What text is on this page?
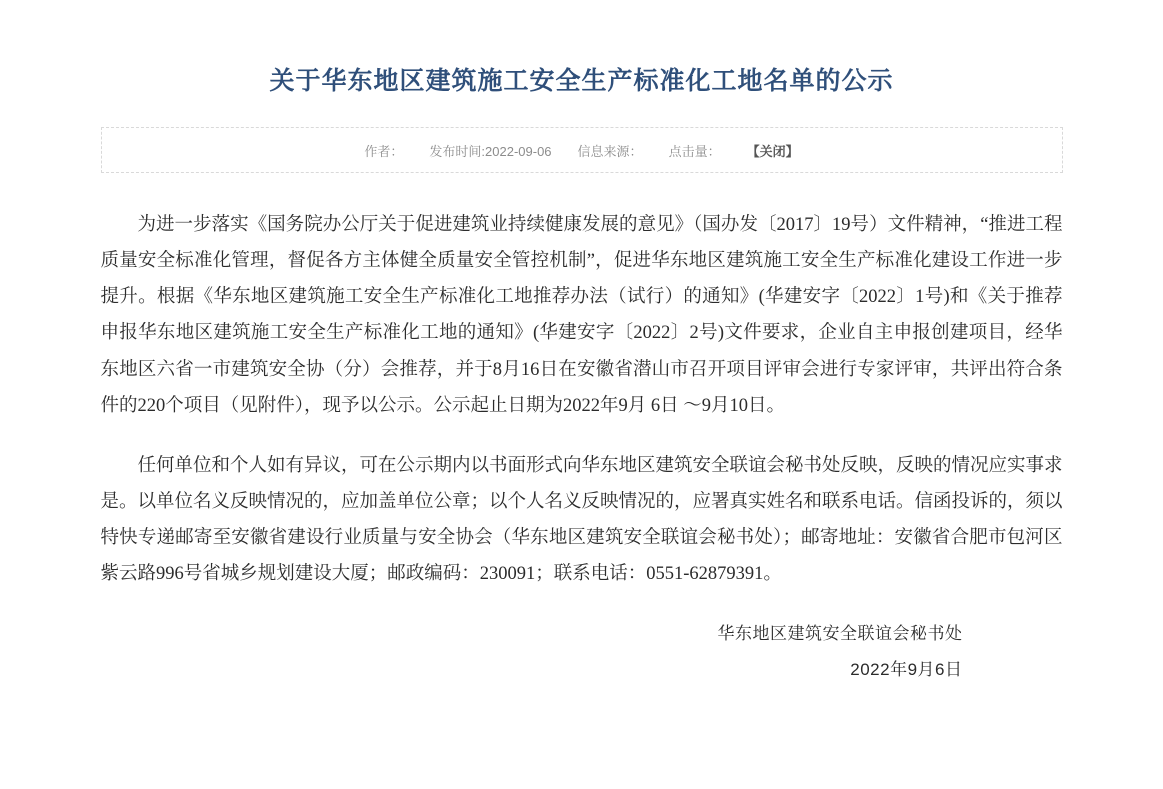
关于华东地区建筑施工安全生产标准化工地名单的公示
作者： 发布时间:2022-09-06 信息来源： 点击量： 【关闭】

为进一步落实《国务院办公厅关于促进建筑业持续健康发展的意见》（国办发〔2017〕19号）文件精神，“推进工程质量安全标准化管理，督促各方主体健全质量安全管控机制”，促进华东地区建筑施工安全生产标准化建设工作进一步提升。根据《华东地区建筑施工安全生产标准化工地推荐办法（试行）的通知》(华建安字〔2022〕1号)和《关于推荐申报华东地区建筑施工安全生产标准化工地的通知》(华建安字〔2022〕2号)文件要求，企业自主申报创建项目，经华东地区六省一市建筑安全协（分）会推荐，并于8月16日在安徽省潜山市召开项目评审会进行专家评审，共评出符合条件的220个项目（见附件），现予以公示。公示起止日期为2022年9月 6日 ～9月10日。

任何单位和个人如有异议，可在公示期内以书面形式向华东地区建筑安全联谊会秘书处反映，反映的情况应实事求是。以单位名义反映情况的，应加盖单位公章；以个人名义反映情况的，应署真实姓名和联系电话。信函投诉的，须以特快专递邮寄至安徽省建设行业质量与安全协会（华东地区建筑安全联谊会秘书处）；邮寄地址：安徽省合肥市包河区紫云路996号省城乡规划建设大厦；邮政编码：230091；联系电话：0551-62879391。

华东地区建筑安全联谊会秘书处
2022年9月6日
